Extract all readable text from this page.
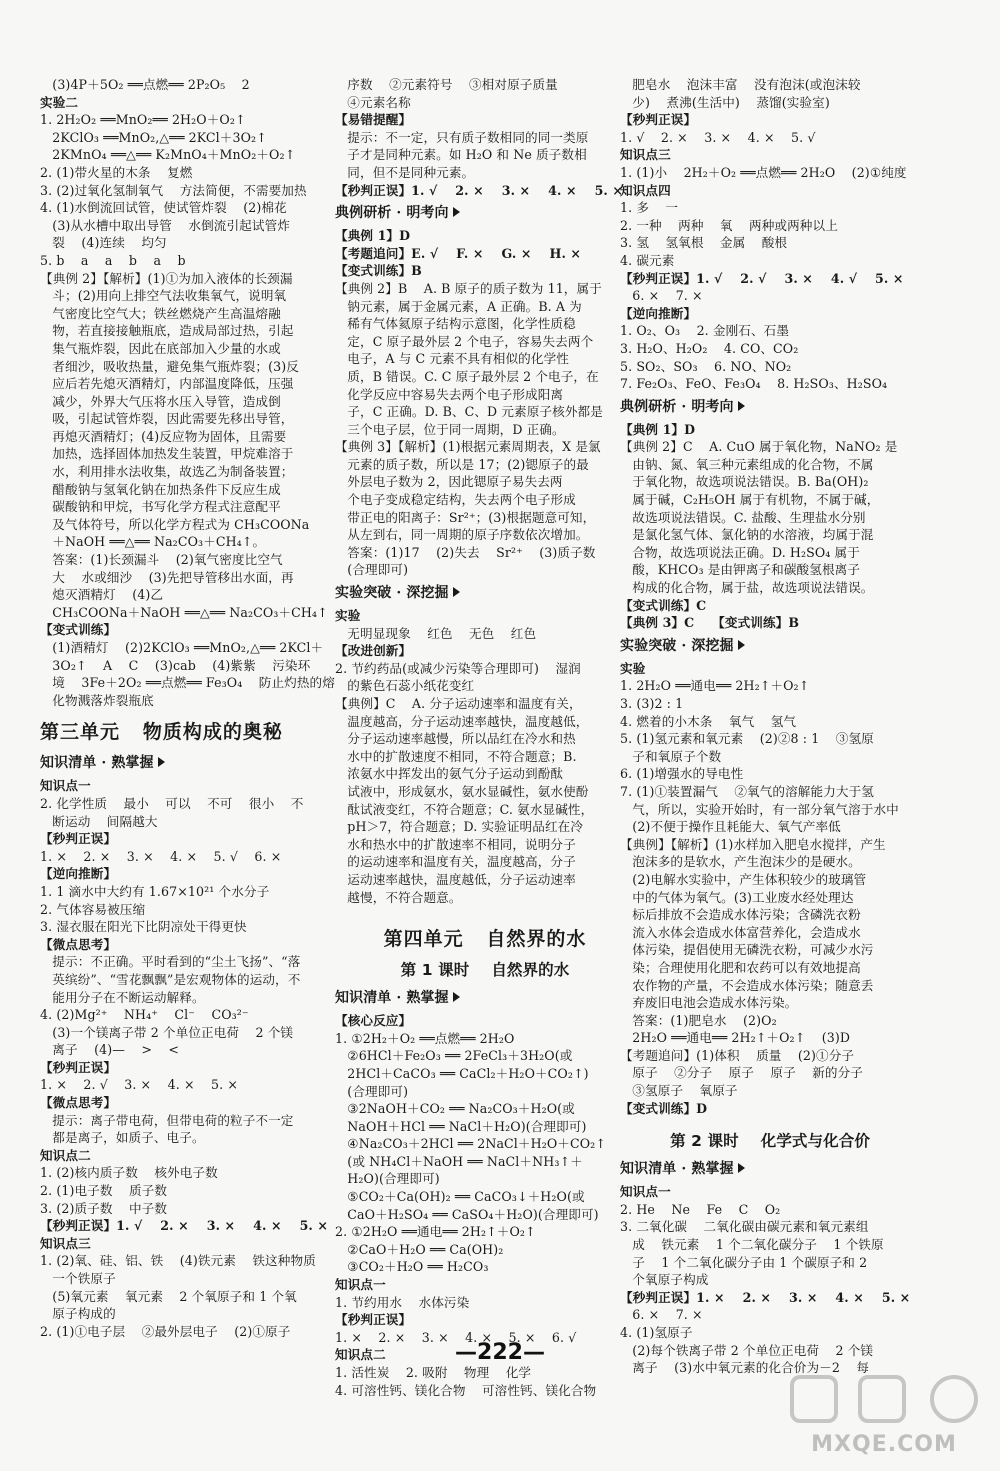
(3)4P＋5O₂ ══点燃══ 2P₂O₅    2
实验二
1. 2H₂O₂ ══MnO₂══ 2H₂O＋O₂↑
2KClO₃ ══MnO₂,△══ 2KCl＋3O₂↑
2KMnO₄ ══△══ K₂MnO₄＋MnO₂＋O₂↑
2. (1)带火星的木条    复燃
3. (2)过氧化氢制氧气    方法简便，不需要加热
4. (1)水倒流回试管，使试管炸裂    (2)棉花
(3)从水槽中取出导管    水倒流引起试管炸
裂    (4)连续    均匀
5. b    a    a    b    a    b
【典例 2】【解析】(1)①为加入液体的长颈漏
斗；(2)用向上排空气法收集氧气，说明氧
气密度比空气大；铁丝燃烧产生高温熔融
物，若直接接触瓶底，造成局部过热，引起
集气瓶炸裂，因此在底部加入少量的水或
者细沙，吸收热量，避免集气瓶炸裂；(3)反
应后若先熄灭酒精灯，内部温度降低，压强
减少，外界大气压将水压入导管，造成倒
吸，引起试管炸裂，因此需要先移出导管，
再熄灭酒精灯；(4)反应物为固体，且需要
加热，选择固体加热发生装置，甲烷难溶于
水，利用排水法收集，故选乙为制备装置；
醋酸钠与氢氧化钠在加热条件下反应生成
碳酸钠和甲烷，书写化学方程式注意配平
及气体符号，所以化学方程式为 CH₃COONa
＋NaOH ══△══ Na₂CO₃＋CH₄↑。
答案：(1)长颈漏斗    (2)氧气密度比空气
大    水或细沙    (3)先把导管移出水面，再
熄灭酒精灯    (4)乙
CH₃COONa＋NaOH ══△══ Na₂CO₃＋CH₄↑
【变式训练】
(1)酒精灯    (2)2KClO₃ ══MnO₂,△══ 2KCl＋
3O₂↑    A    C    (3)cab    (4)紫紫    污染环
境    3Fe＋2O₂ ══点燃══ Fe₃O₄    防止灼热的熔
化物溅落炸裂瓶底
第三单元   物质构成的奥秘
知识清单 · 熟掌握
知识点一
2. 化学性质    最小    可以    不可    很小    不
断运动    间隔越大
【秒判正误】
1. ×    2. ×    3. ×    4. ×    5. √    6. ×
【逆向推断】
1. 1 滴水中大约有 1.67×10²¹ 个水分子
2. 气体容易被压缩
3. 湿衣服在阳光下比阴凉处干得更快
【微点思考】
提示：不正确。平时看到的“尘土飞扬”、“落
英缤纷”、“雪花飘飘”是宏观物体的运动，不
能用分子在不断运动解释。
4. (2)Mg²⁺    NH₄⁺    Cl⁻    CO₃²⁻
(3)一个镁离子带 2 个单位正电荷    2 个镁
离子    (4)—    >    <
【秒判正误】
1. ×    2. √    3. ×    4. ×    5. ×
【微点思考】
提示：离子带电荷，但带电荷的粒子不一定
都是离子，如质子、电子。
知识点二
1. (2)核内质子数    核外电子数
2. (1)电子数    质子数
3. (2)质子数    中子数
【秒判正误】1. √    2. ×    3. ×    4. ×    5. ×
知识点三
1. (2)氧、硅、铝、铁    (4)铁元素    铁这种物质
一个铁原子
(5)氧元素    氧元素    2 个氧原子和 1 个氧
原子构成的
2. (1)①电子层    ②最外层电子    (2)①原子
序数    ②元素符号    ③相对原子质量
④元素名称
【易错提醒】
提示：不一定，只有质子数相同的同一类原
子才是同种元素。如 H₂O 和 Ne 质子数相
同，但不是同种元素。
【秒判正误】1. √    2. ×    3. ×    4. ×    5. ×
典例研析 · 明考向
【典例 1】D
【考题追问】E. √    F. ×    G. ×    H. ×
【变式训练】B
【典例 2】B    A. B 原子的质子数为 11，属于
钠元素，属于金属元素，A 正确。B. A 为
稀有气体氦原子结构示意图，化学性质稳
定，C 原子最外层 2 个电子，容易失去两个
电子，A 与 C 元素不具有相似的化学性
质，B 错误。C. C 原子最外层 2 个电子，在
化学反应中容易失去两个电子形成阳离
子，C 正确。D. B、C、D 元素原子核外都是
三个电子层，位于同一周期，D 正确。
【典例 3】【解析】(1)根据元素周期表，X 是氯
元素的质子数，所以是 17；(2)锶原子的最
外层电子数为 2，因此锶原子易失去两
个电子变成稳定结构，失去两个电子形成
带正电的阳离子：Sr²⁺；(3)根据题意可知，
从左到右，同一周期的原子序数依次增加。
答案：(1)17    (2)失去    Sr²⁺    (3)质子数
(合理即可)
实验突破 · 深挖掘
实验
无明显现象    红色    无色    红色
【改进创新】
2. 节约药品(或减少污染等合理即可)    湿润
的紫色石蕊小纸花变红
【典例】C    A. 分子运动速率和温度有关，
温度越高，分子运动速率越快，温度越低，
分子运动速率越慢，所以品红在冷水和热
水中的扩散速度不相同，不符合题意；B.
浓氨水中挥发出的氨气分子运动到酚酞
试液中，形成氨水，氨水显碱性，氨水使酚
酞试液变红，不符合题意；C. 氨水显碱性，
pH＞7，符合题意；D. 实验证明品红在冷
水和热水中的扩散速率不相同，说明分子
的运动速率和温度有关，温度越高，分子
运动速率越快，温度越低，分子运动速率
越慢，不符合题意。
第四单元   自然界的水
第 1 课时    自然界的水
知识清单 · 熟掌握
【核心反应】
1. ①2H₂＋O₂ ══点燃══ 2H₂O
②6HCl＋Fe₂O₃ ══ 2FeCl₃＋3H₂O(或
2HCl＋CaCO₃ ══ CaCl₂＋H₂O＋CO₂↑)
(合理即可)
③2NaOH＋CO₂ ══ Na₂CO₃＋H₂O(或
NaOH＋HCl ══ NaCl＋H₂O)(合理即可)
④Na₂CO₃＋2HCl ══ 2NaCl＋H₂O＋CO₂↑
(或 NH₄Cl＋NaOH ══ NaCl＋NH₃↑＋
H₂O)(合理即可)
⑤CO₂＋Ca(OH)₂ ══ CaCO₃↓＋H₂O(或
CaO＋H₂SO₄ ══ CaSO₄＋H₂O)(合理即可)
2. ①2H₂O ══通电══ 2H₂↑＋O₂↑
②CaO＋H₂O ══ Ca(OH)₂
③CO₂＋H₂O ══ H₂CO₃
知识点一
1. 节约用水    水体污染
【秒判正误】
1. ×    2. ×    3. ×    4. ×    5. ×    6. √
知识点二
1. 活性炭    2. 吸附    物理    化学
4. 可溶性钙、镁化合物    可溶性钙、镁化合物
肥皂水    泡沫丰富    没有泡沫(或泡沫较
少)    煮沸(生活中)    蒸馏(实验室)
【秒判正误】
1. √    2. ×    3. ×    4. ×    5. √
知识点三
1. (1)小    2H₂＋O₂ ══点燃══ 2H₂O    (2)①纯度
知识点四
1. 多    一
2. 一种    两种    氧    两种或两种以上
3. 氢    氢氧根    金属    酸根
4. 碳元素
【秒判正误】1. √    2. √    3. ×    4. √    5. ×
6. ×    7. ×
【逆向推断】
1. O₂、O₃    2. 金刚石、石墨
3. H₂O、H₂O₂    4. CO、CO₂
5. SO₂、SO₃    6. NO、NO₂
7. Fe₂O₃、FeO、Fe₃O₄    8. H₂SO₃、H₂SO₄
典例研析 · 明考向
【典例 1】D
【典例 2】C    A. CuO 属于氧化物，NaNO₂ 是
由钠、氮、氧三种元素组成的化合物，不属
于氧化物，故选项说法错误。B. Ba(OH)₂
属于碱，C₂H₅OH 属于有机物，不属于碱，
故选项说法错误。C. 盐酸、生理盐水分别
是氯化氢气体、氯化钠的水溶液，均属于混
合物，故选项说法正确。D. H₂SO₄ 属于
酸，KHCO₃ 是由钾离子和碳酸氢根离子
构成的化合物，属于盐，故选项说法错误。
【变式训练】C
【典例 3】C    【变式训练】B
实验突破 · 深挖掘
实验
1. 2H₂O ══通电══ 2H₂↑＋O₂↑
3. (3)2 : 1
4. 燃着的小木条    氧气    氢气
5. (1)氢元素和氧元素    (2)②8 : 1    ③氢原
子和氧原子个数
6. (1)增强水的导电性
7. (1)①装置漏气    ②氧气的溶解能力大于氢
气，所以，实验开始时，有一部分氧气溶于水中
(2)不便于操作且耗能大、氧气产率低
【典例】【解析】(1)水样加入肥皂水搅拌，产生
泡沫多的是软水，产生泡沫少的是硬水。
(2)电解水实验中，产生体积较少的玻璃管
中的气体为氧气。(3)工业废水经处理达
标后排放不会造成水体污染；含磷洗衣粉
流入水体会造成水体富营养化，会造成水
体污染，提倡使用无磷洗衣粉，可减少水污
染；合理使用化肥和农药可以有效地提高
农作物的产量，不会造成水体污染；随意丢
弃废旧电池会造成水体污染。
答案：(1)肥皂水    (2)O₂
2H₂O ══通电══ 2H₂↑＋O₂↑    (3)D
【考题追问】(1)体积    质量    (2)①分子
原子    ②分子    原子    原子    新的分子
③氢原子    氧原子
【变式训练】D
第 2 课时    化学式与化合价
知识清单 · 熟掌握
知识点一
2. He    Ne    Fe    C    O₂
3. 二氧化碳    二氧化碳由碳元素和氧元素组
成    铁元素    1 个二氧化碳分子    1 个铁原
子    1 个二氧化碳分子由 1 个碳原子和 2
个氧原子构成
【秒判正误】1. ×    2. ×    3. ×    4. ×    5. ×
6. ×    7. ×
4. (1)氢原子
(2)每个铁离子带 2 个单位正电荷    2 个镁
离子    (3)水中氧元素的化合价为－2    每
—222—
MXQE.COM
